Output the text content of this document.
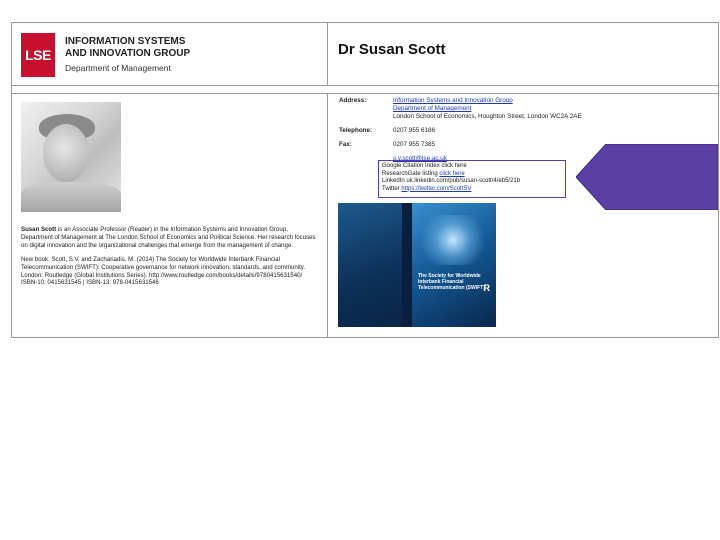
LSE
INFORMATION SYSTEMS
AND INNOVATION GROUP
Department of Management
Dr Susan Scott

Susan Scott is an Associate Professor (Reader) in the Information Systems and Innovation Group, Department of Management at The London School of Economics and Political Science. Her research focuses on digital innovation and the organizational challenges that emerge from the management of change.

New book: Scott, S.V. and Zachariadis, M. (2014) The Society for Worldwide Interbank Financial Telecommunication (SWIFT): Cooperative governance for network innovation, standards, and community. London: Routledge (Global Institutions Series). http://www.routledge.com/books/details/9780415631540/ ISBN-10: 0415631545 | ISBN-13: 978-0415631546

Address:	Information Systems and Innovation Group
Department of Management
London School of Economics, Houghton Street, London WC2A 2AE
Telephone:	0207 955 6186
Fax:	0207 955 7385
s.v.scott@lse.ac.uk
Google Citation Index click here
ResearchGate listing click here
LinkedIn uk.linkedin.com/pub/susan-scott/4/eb5/21b
Twitter https://twitter.com/ScottSV
The Society for Worldwide Interbank Financial Telecommunication (SWIFT)
R
